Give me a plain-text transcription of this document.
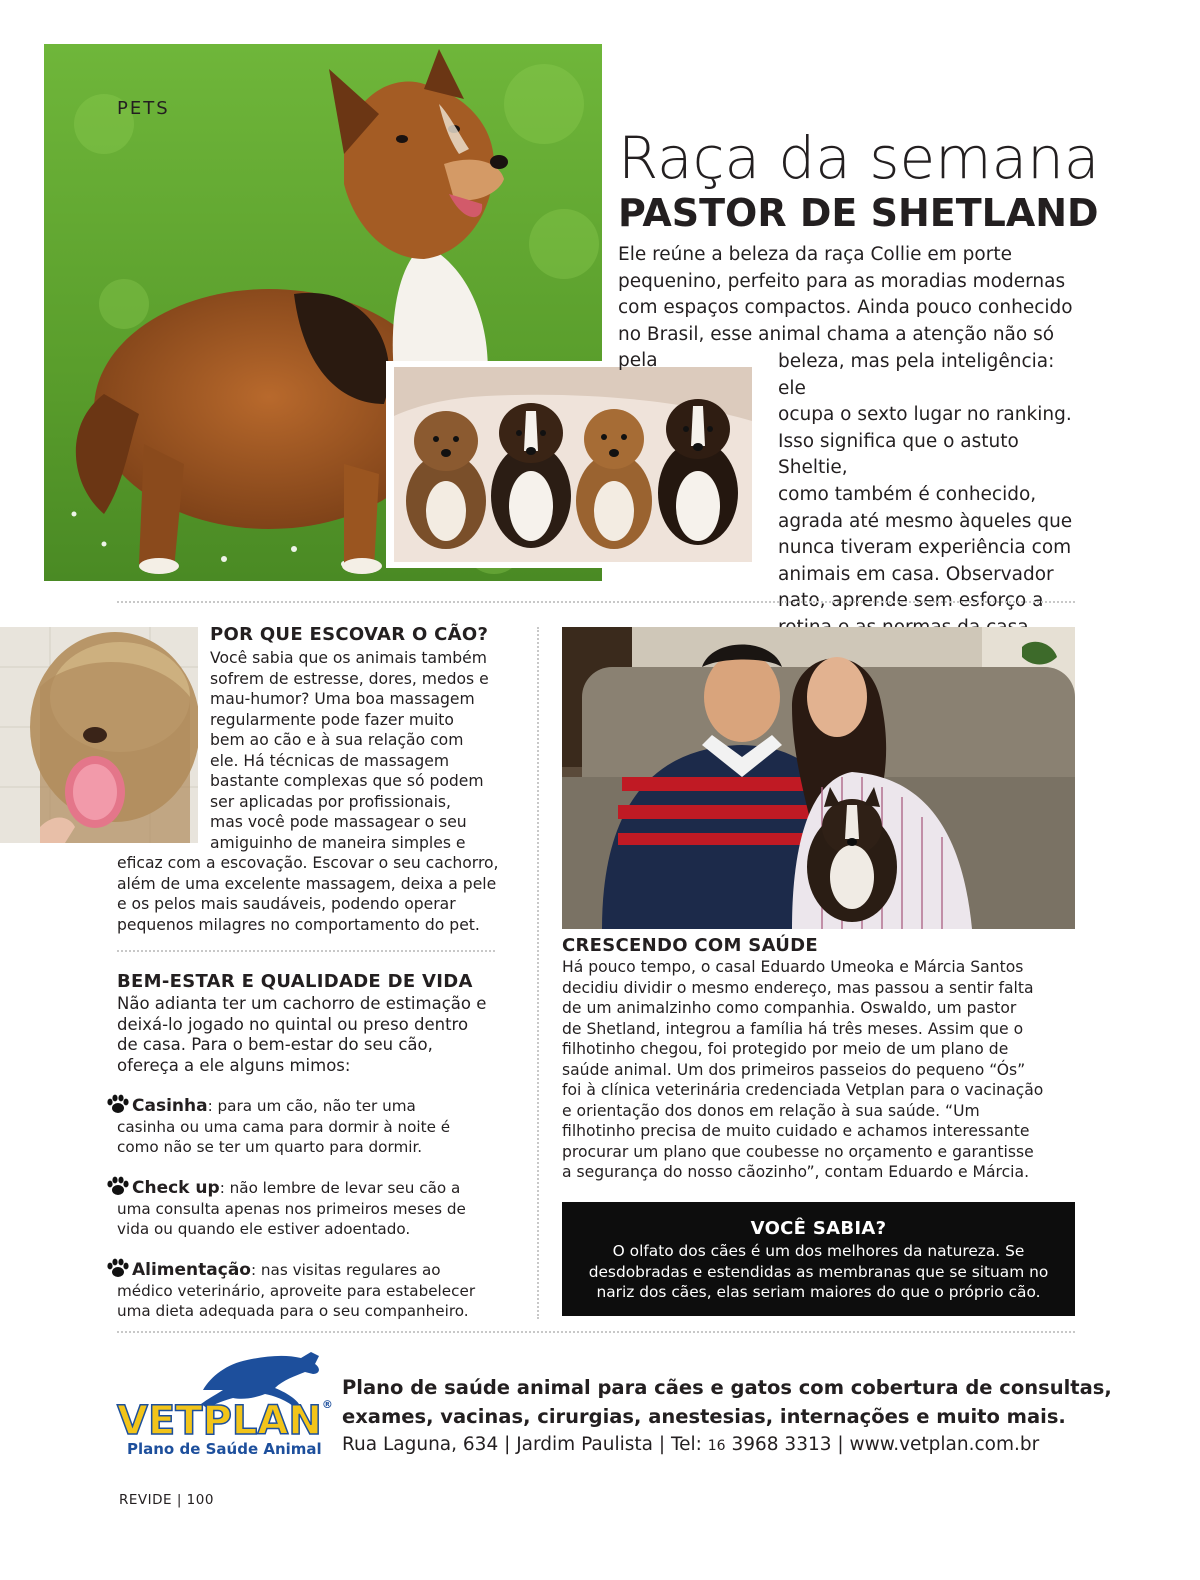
PETS
Raça da semana
PASTOR DE SHETLAND
Ele reúne a beleza da raça Collie em porte
pequenino, perfeito para as moradias modernas
com espaços compactos. Ainda pouco conhecido
no Brasil, esse animal chama a atenção não só pela	beleza, mas pela inteligência: ele
ocupa o sexto lugar no ranking.
Isso significa que o astuto Sheltie,
como também é conhecido,
agrada até mesmo àqueles que
nunca tiveram experiência com
animais em casa. Observador
nato, aprende sem esforço a
POR QUE ESCOVAR O CÃO?
Você sabia que os animais também
sofrem de estresse, dores, medos e
mau-humor? Uma boa massagem
regularmente pode fazer muito
bem ao cão e à sua relação com
ele. Há técnicas de massagem
bastante complexas que só podem
ser aplicadas por profissionais,
mas você pode massagear o seu
amiguinho de maneira simples e
eficaz com a escovação. Escovar o seu cachorro,
além de uma excelente massagem, deixa a pele
e os pelos mais saudáveis, podendo operar
pequenos milagres no comportamento do pet.
BEM-ESTAR E QUALIDADE DE VIDA
Não adianta ter um cachorro de estimação e
deixá-lo jogado no quintal ou preso dentro
de casa. Para o bem-estar do seu cão,
ofereça a ele alguns mimos:
Casinha: para um cão, não ter uma
casinha ou uma cama para dormir à noite é
como não se ter um quarto para dormir.
Check up: não lembre de levar seu cão a
uma consulta apenas nos primeiros meses de
vida ou quando ele estiver adoentado.
Alimentação: nas visitas regulares ao
médico veterinário, aproveite para estabelecer
uma dieta adequada para o seu companheiro.
CRESCENDO COM SAÚDE
Há pouco tempo, o casal Eduardo Umeoka e Márcia Santos
decidiu dividir o mesmo endereço, mas passou a sentir falta
de um animalzinho como companhia. Oswaldo, um pastor
de Shetland, integrou a família há três meses. Assim que o
filhotinho chegou, foi protegido por meio de um plano de
saúde animal. Um dos primeiros passeios do pequeno “Ós”
foi à clínica veterinária credenciada Vetplan para o vacinação
e orientação dos donos em relação à sua saúde. “Um
filhotinho precisa de muito cuidado e achamos interessante
procurar um plano que coubesse no orçamento e garantisse
a segurança do nosso cãozinho”, contam Eduardo e Márcia.
VOCÊ SABIA?
O olfato dos cães é um dos melhores da natureza. Se
desdobradas e estendidas as membranas que se situam no
nariz dos cães, elas seriam maiores do que o próprio cão.
VETPLAN®
Plano de Saúde Animal
Plano de saúde animal para cães e gatos com cobertura de consultas,
exames, vacinas, cirurgias, anestesias, internações e muito mais.
Rua Laguna, 634 | Jardim Paulista | Tel: 16 3968 3313 | www.vetplan.com.br
REVIDE | 100
